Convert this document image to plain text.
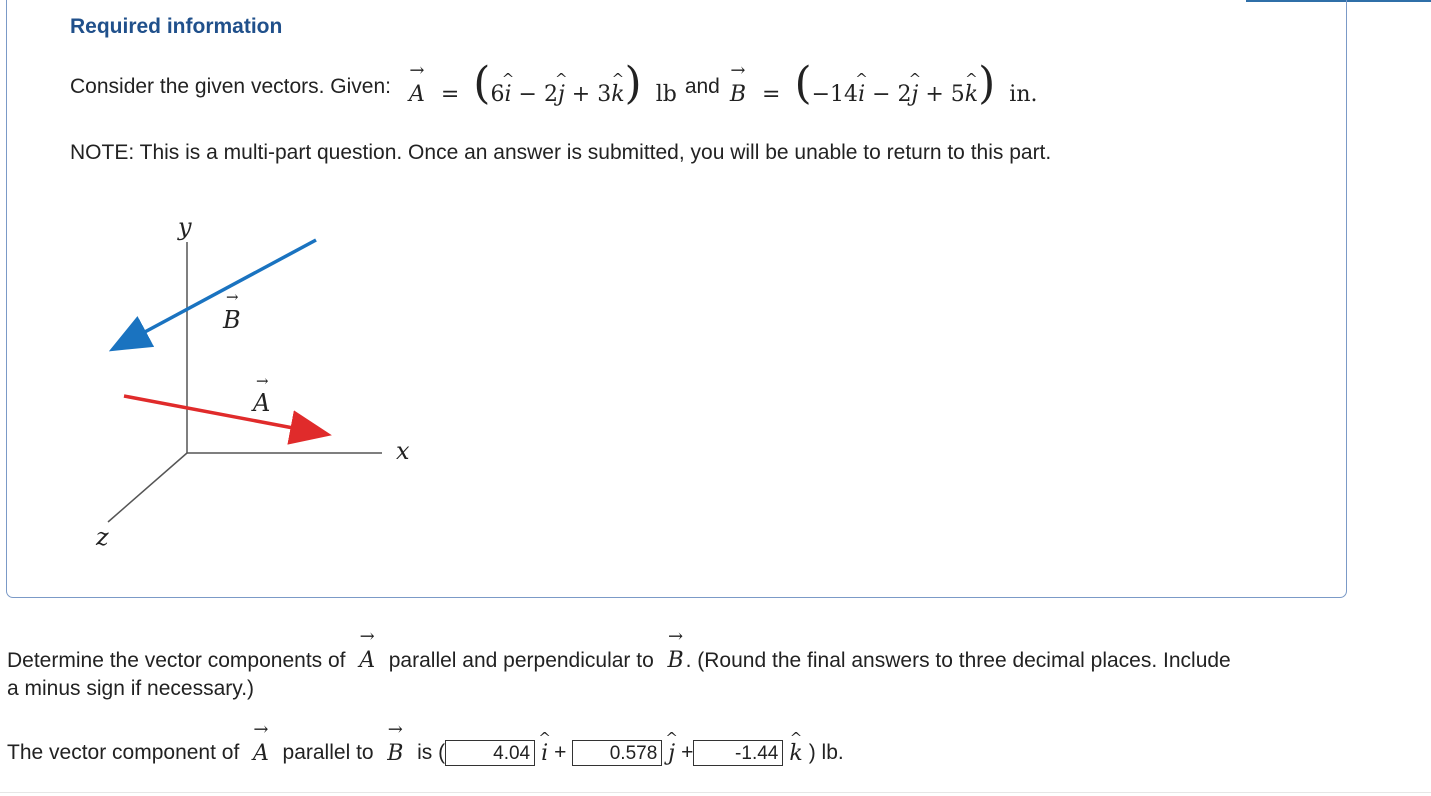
Required information
Consider the given vectors. Given:
→
A  =  (6i ^ − 2j ^ + 3k ^) lb and
→
B  =  (−14i ^ − 2j ^ + 5k ^) in.
NOTE: This is a multi-part question. Once an answer is submitted, you will be unable to return to this part.
y
x
z
B
→
A
→
Determine the vector components of
→
A parallel and perpendicular to
→
B. (Round the final answers to three decimal places. Include
a minus sign if necessary.)
The vector component of

→
A
parallel to

→
B
is (	4.04 i ^ +
	0.578 j ^ +	-1.44 k ^ ) lb.
